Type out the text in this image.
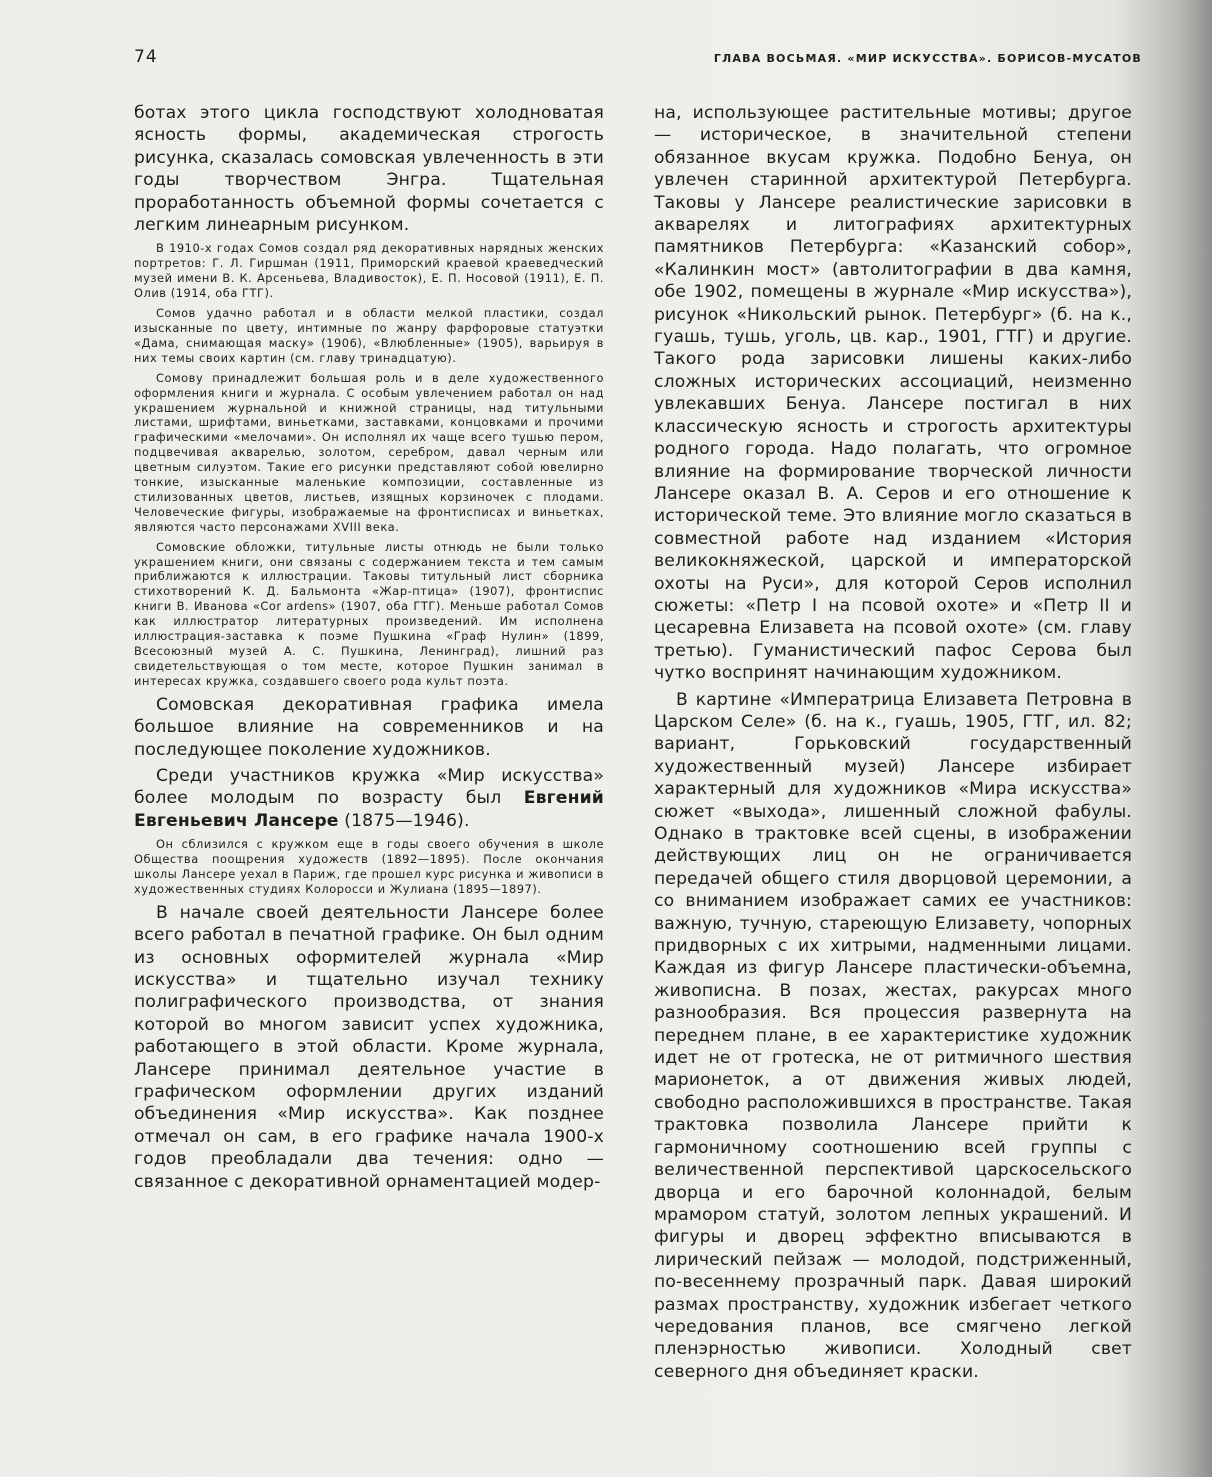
74	ГЛАВА ВОСЬМАЯ. «МИР ИСКУССТВА». БОРИСОВ-МУСАТОВ

ботах этого цикла господствуют холодноватая ясность формы, академическая строгость рисунка, сказалась сомовская увлеченность в эти годы творчеством Энгра. Тщательная проработанность объемной формы сочетается с легким линеарным рисунком.

В 1910-х годах Сомов создал ряд декоративных нарядных женских портретов: Г. Л. Гиршман (1911, Приморский краевой краеведческий музей имени В. К. Арсеньева, Владивосток), Е. П. Носовой (1911), Е. П. Олив (1914, оба ГТГ).

Сомов удачно работал и в области мелкой пластики, создал изысканные по цвету, интимные по жанру фарфоровые статуэтки «Дама, снимающая маску» (1906), «Влюбленные» (1905), варьируя в них темы своих картин (см. главу тринадцатую).

Сомову принадлежит большая роль и в деле художественного оформления книги и журнала. С особым увлечением работал он над украшением журнальной и книжной страницы, над титульными листами, шрифтами, виньетками, заставками, концовками и прочими графическими «мелочами». Он исполнял их чаще всего тушью пером, подцвечивая акварелью, золотом, серебром, давал черным или цветным силуэтом. Такие его рисунки представляют собой ювелирно тонкие, изысканные маленькие композиции, составленные из стилизованных цветов, листьев, изящных корзиночек с плодами. Человеческие фигуры, изображаемые на фронтисписах и виньетках, являются часто персонажами XVIII века.

Сомовские обложки, титульные листы отнюдь не были только украшением книги, они связаны с содержанием текста и тем самым приближаются к иллюстрации. Таковы титульный лист сборника стихотворений К. Д. Бальмонта «Жар-птица» (1907), фронтиспис книги В. Иванова «Cor ardens» (1907, оба ГТГ). Меньше работал Сомов как иллюстратор литературных произведений. Им исполнена иллюстрация-заставка к поэме Пушкина «Граф Нулин» (1899, Всесоюзный музей А. С. Пушкина, Ленинград), лишний раз свидетельствующая о том месте, которое Пушкин занимал в интересах кружка, создавшего своего рода культ поэта.

Сомовская декоративная графика имела большое влияние на современников и на последующее поколение художников.

Среди участников кружка «Мир искусства» более молодым по возрасту был Евгений Евгеньевич Лансере (1875—1946).

Он сблизился с кружком еще в годы своего обучения в школе Общества поощрения художеств (1892—1895). После окончания школы Лансере уехал в Париж, где прошел курс рисунка и живописи в художественных студиях Колоросси и Жулиана (1895—1897).

В начале своей деятельности Лансере более всего работал в печатной графике. Он был одним из основных оформителей журнала «Мир искусства» и тщательно изучал технику полиграфического производства, от знания которой во многом зависит успех художника, работающего в этой области. Кроме журнала, Лансере принимал деятельное участие в графическом оформлении других изданий объединения «Мир искусства». Как позднее отмечал он сам, в его графике начала 1900-х годов преобладали два течения: одно — связанное с декоративной орнаментацией модер-

на, использующее растительные мотивы; другое — историческое, в значительной степени обязанное вкусам кружка. Подобно Бенуа, он увлечен старинной архитектурой Петербурга. Таковы у Лансере реалистические зарисовки в акварелях и литографиях архитектурных памятников Петербурга: «Казанский собор», «Калинкин мост» (автолитографии в два камня, обе 1902, помещены в журнале «Мир искусства»), рисунок «Никольский рынок. Петербург» (б. на к., гуашь, тушь, уголь, цв. кар., 1901, ГТГ) и другие. Такого рода зарисовки лишены каких-либо сложных исторических ассоциаций, неизменно увлекавших Бенуа. Лансере постигал в них классическую ясность и строгость архитектуры родного города. Надо полагать, что огромное влияние на формирование творческой личности Лансере оказал В. А. Серов и его отношение к исторической теме. Это влияние могло сказаться в совместной работе над изданием «История великокняжеской, царской и императорской охоты на Руси», для которой Серов исполнил сюжеты: «Петр I на псовой охоте» и «Петр II и цесаревна Елизавета на псовой охоте» (см. главу третью). Гуманистический пафос Серова был чутко воспринят начинающим художником.

В картине «Императрица Елизавета Петровна в Царском Селе» (б. на к., гуашь, 1905, ГТГ, ил. 82; вариант, Горьковский государственный художественный музей) Лансере избирает характерный для художников «Мира искусства» сюжет «выхода», лишенный сложной фабулы. Однако в трактовке всей сцены, в изображении действующих лиц он не ограничивается передачей общего стиля дворцовой церемонии, а со вниманием изображает самих ее участников: важную, тучную, стареющую Елизавету, чопорных придворных с их хитрыми, надменными лицами. Каждая из фигур Лансере пластически-объемна, живописна. В позах, жестах, ракурсах много разнообразия. Вся процессия развернута на переднем плане, в ее характеристике художник идет не от гротеска, не от ритмичного шествия марионеток, а от движения живых людей, свободно расположившихся в пространстве. Такая трактовка позволила Лансере прийти к гармоничному соотношению всей группы с величественной перспективой царскосельского дворца и его барочной колоннадой, белым мрамором статуй, золотом лепных украшений. И фигуры и дворец эффектно вписываются в лирический пейзаж — молодой, подстриженный, по-весеннему прозрачный парк. Давая широкий размах пространству, художник избегает четкого чередования планов, все смягчено легкой пленэрностью живописи. Холодный свет северного дня объединяет краски.
